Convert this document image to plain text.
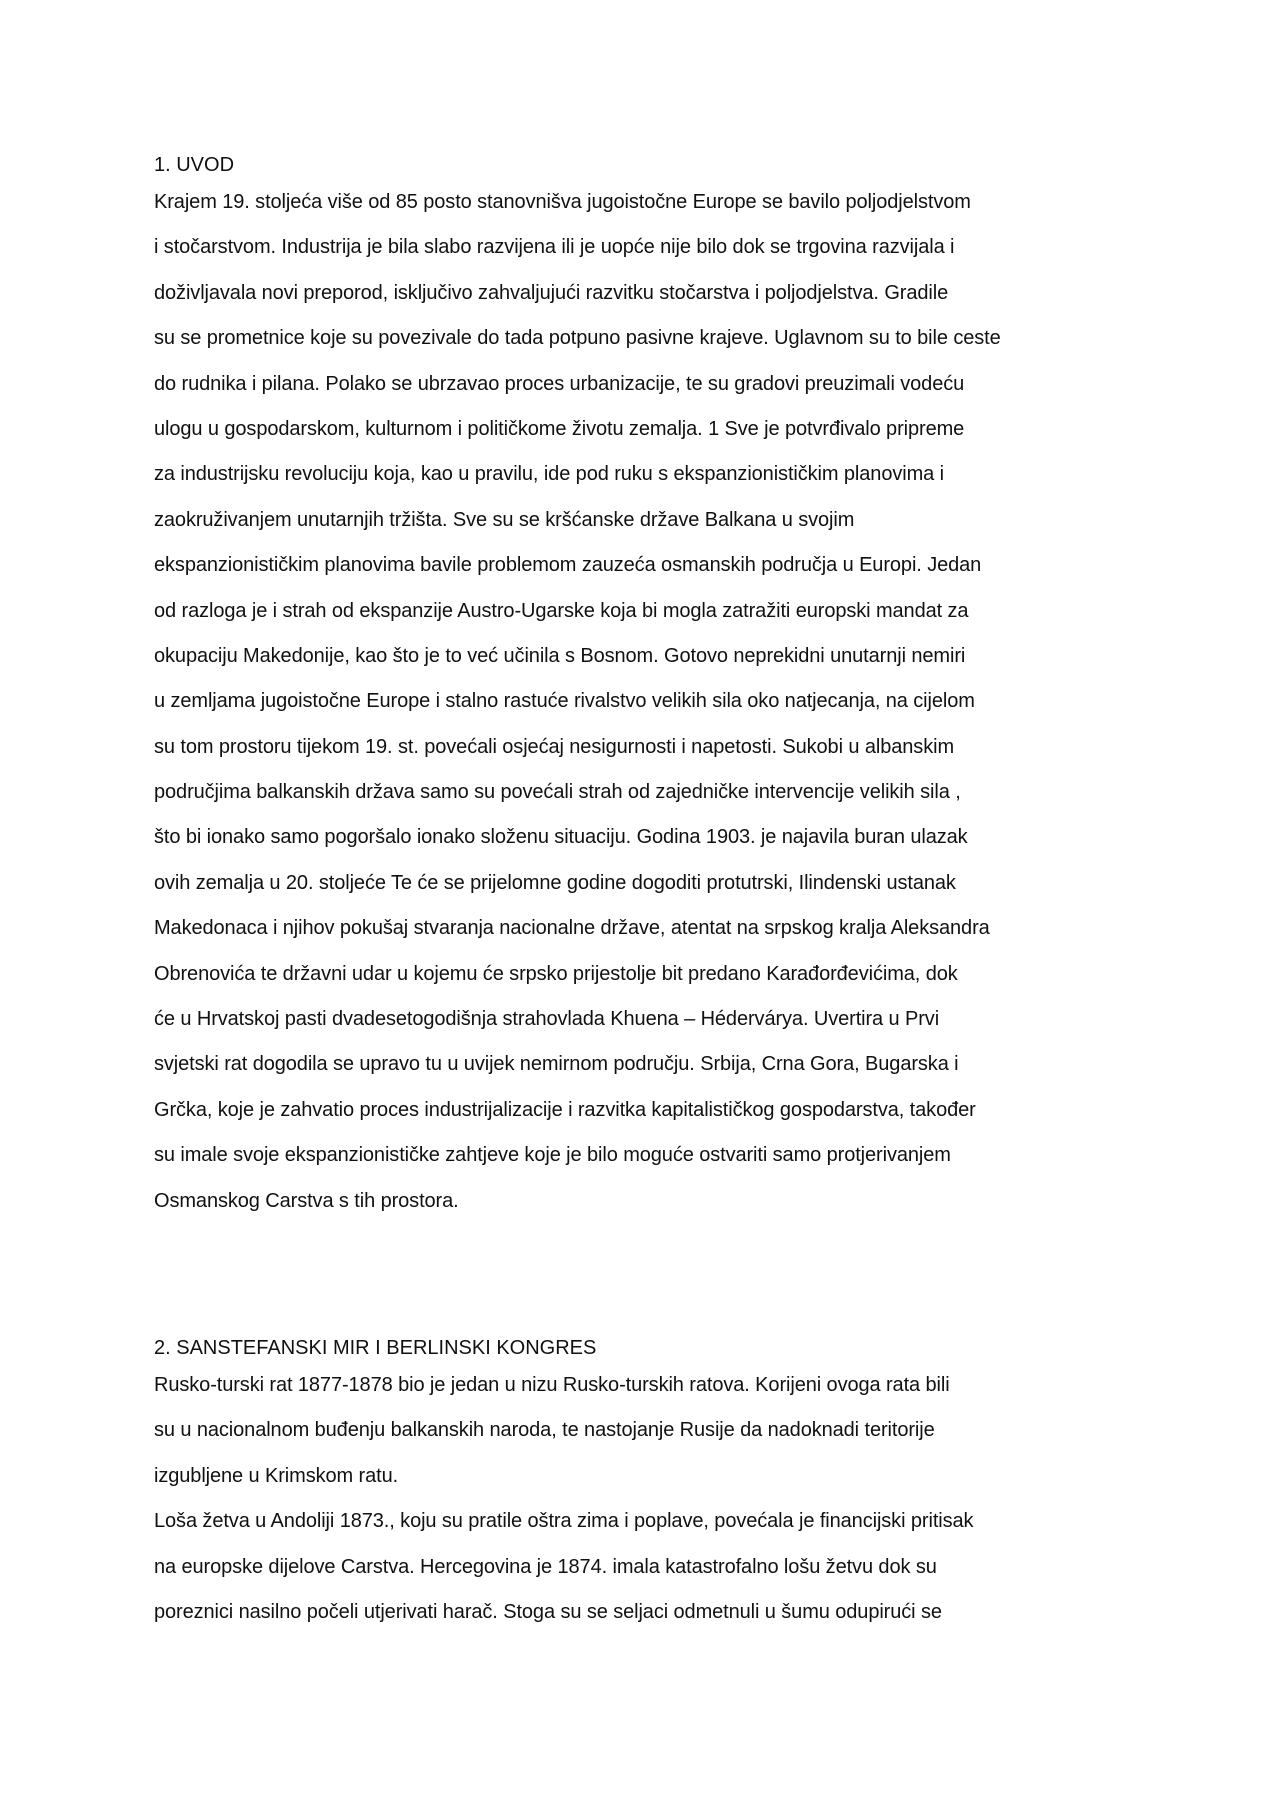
1. UVOD
Krajem 19. stoljeća više od 85 posto stanovnišva jugoistočne Europe se bavilo poljodjelstvom
i stočarstvom. Industrija je bila slabo razvijena ili je uopće nije bilo dok se trgovina razvijala i
doživljavala novi preporod, isključivo zahvaljujući razvitku stočarstva i poljodjelstva. Gradile
su se prometnice koje su povezivale do tada potpuno pasivne krajeve. Uglavnom su to bile ceste
do rudnika i pilana. Polako se ubrzavao proces urbanizacije, te su gradovi preuzimali vodeću
ulogu u gospodarskom, kulturnom i političkome životu zemalja. 1 Sve je potvrđivalo pripreme
za industrijsku revoluciju koja, kao u pravilu, ide pod ruku s ekspanzionističkim planovima i
zaokruživanjem unutarnjih tržišta. Sve su se kršćanske države Balkana u svojim
ekspanzionističkim planovima bavile problemom zauzeća osmanskih područja u Europi. Jedan
od razloga je i strah od ekspanzije Austro-Ugarske koja bi mogla zatražiti europski mandat za
okupaciju Makedonije, kao što je to već učinila s Bosnom. Gotovo neprekidni unutarnji nemiri
u zemljama jugoistočne Europe i stalno rastuće rivalstvo velikih sila oko natjecanja, na cijelom
su tom prostoru tijekom 19. st. povećali osjećaj nesigurnosti i napetosti. Sukobi u albanskim
područjima balkanskih država samo su povećali strah od zajedničke intervencije velikih sila ,
što bi ionako samo pogoršalo ionako složenu situaciju. Godina 1903. je najavila buran ulazak
ovih zemalja u 20. stoljeće Te će se prijelomne godine dogoditi protutrski, Ilindenski ustanak
Makedonaca i njihov pokušaj stvaranja nacionalne države, atentat na srpskog kralja Aleksandra
Obrenovića te državni udar u kojemu će srpsko prijestolje bit predano Karađorđevićima, dok
će u Hrvatskoj pasti dvadesetogodišnja strahovlada Khuena – Hédervárya. Uvertira u Prvi
svjetski rat dogodila se upravo tu u uvijek nemirnom području. Srbija, Crna Gora, Bugarska i
Grčka, koje je zahvatio proces industrijalizacije i razvitka kapitalističkog gospodarstva, također
su imale svoje ekspanzionističke zahtjeve koje je bilo moguće ostvariti samo protjerivanjem
Osmanskog Carstva s tih prostora.
2. SANSTEFANSKI MIR I BERLINSKI KONGRES
Rusko-turski rat 1877-1878 bio je jedan u nizu Rusko-turskih ratova. Korijeni ovoga rata bili
su u nacionalnom buđenju balkanskih naroda, te nastojanje Rusije da nadoknadi teritorije
izgubljene u Krimskom ratu.
Loša žetva u Andoliji 1873., koju su pratile oštra zima i poplave, povećala je financijski pritisak
na europske dijelove Carstva. Hercegovina je 1874. imala katastrofalno lošu žetvu dok su
poreznici nasilno počeli utjerivati harač. Stoga su se seljaci odmetnuli u šumu odupirući se
